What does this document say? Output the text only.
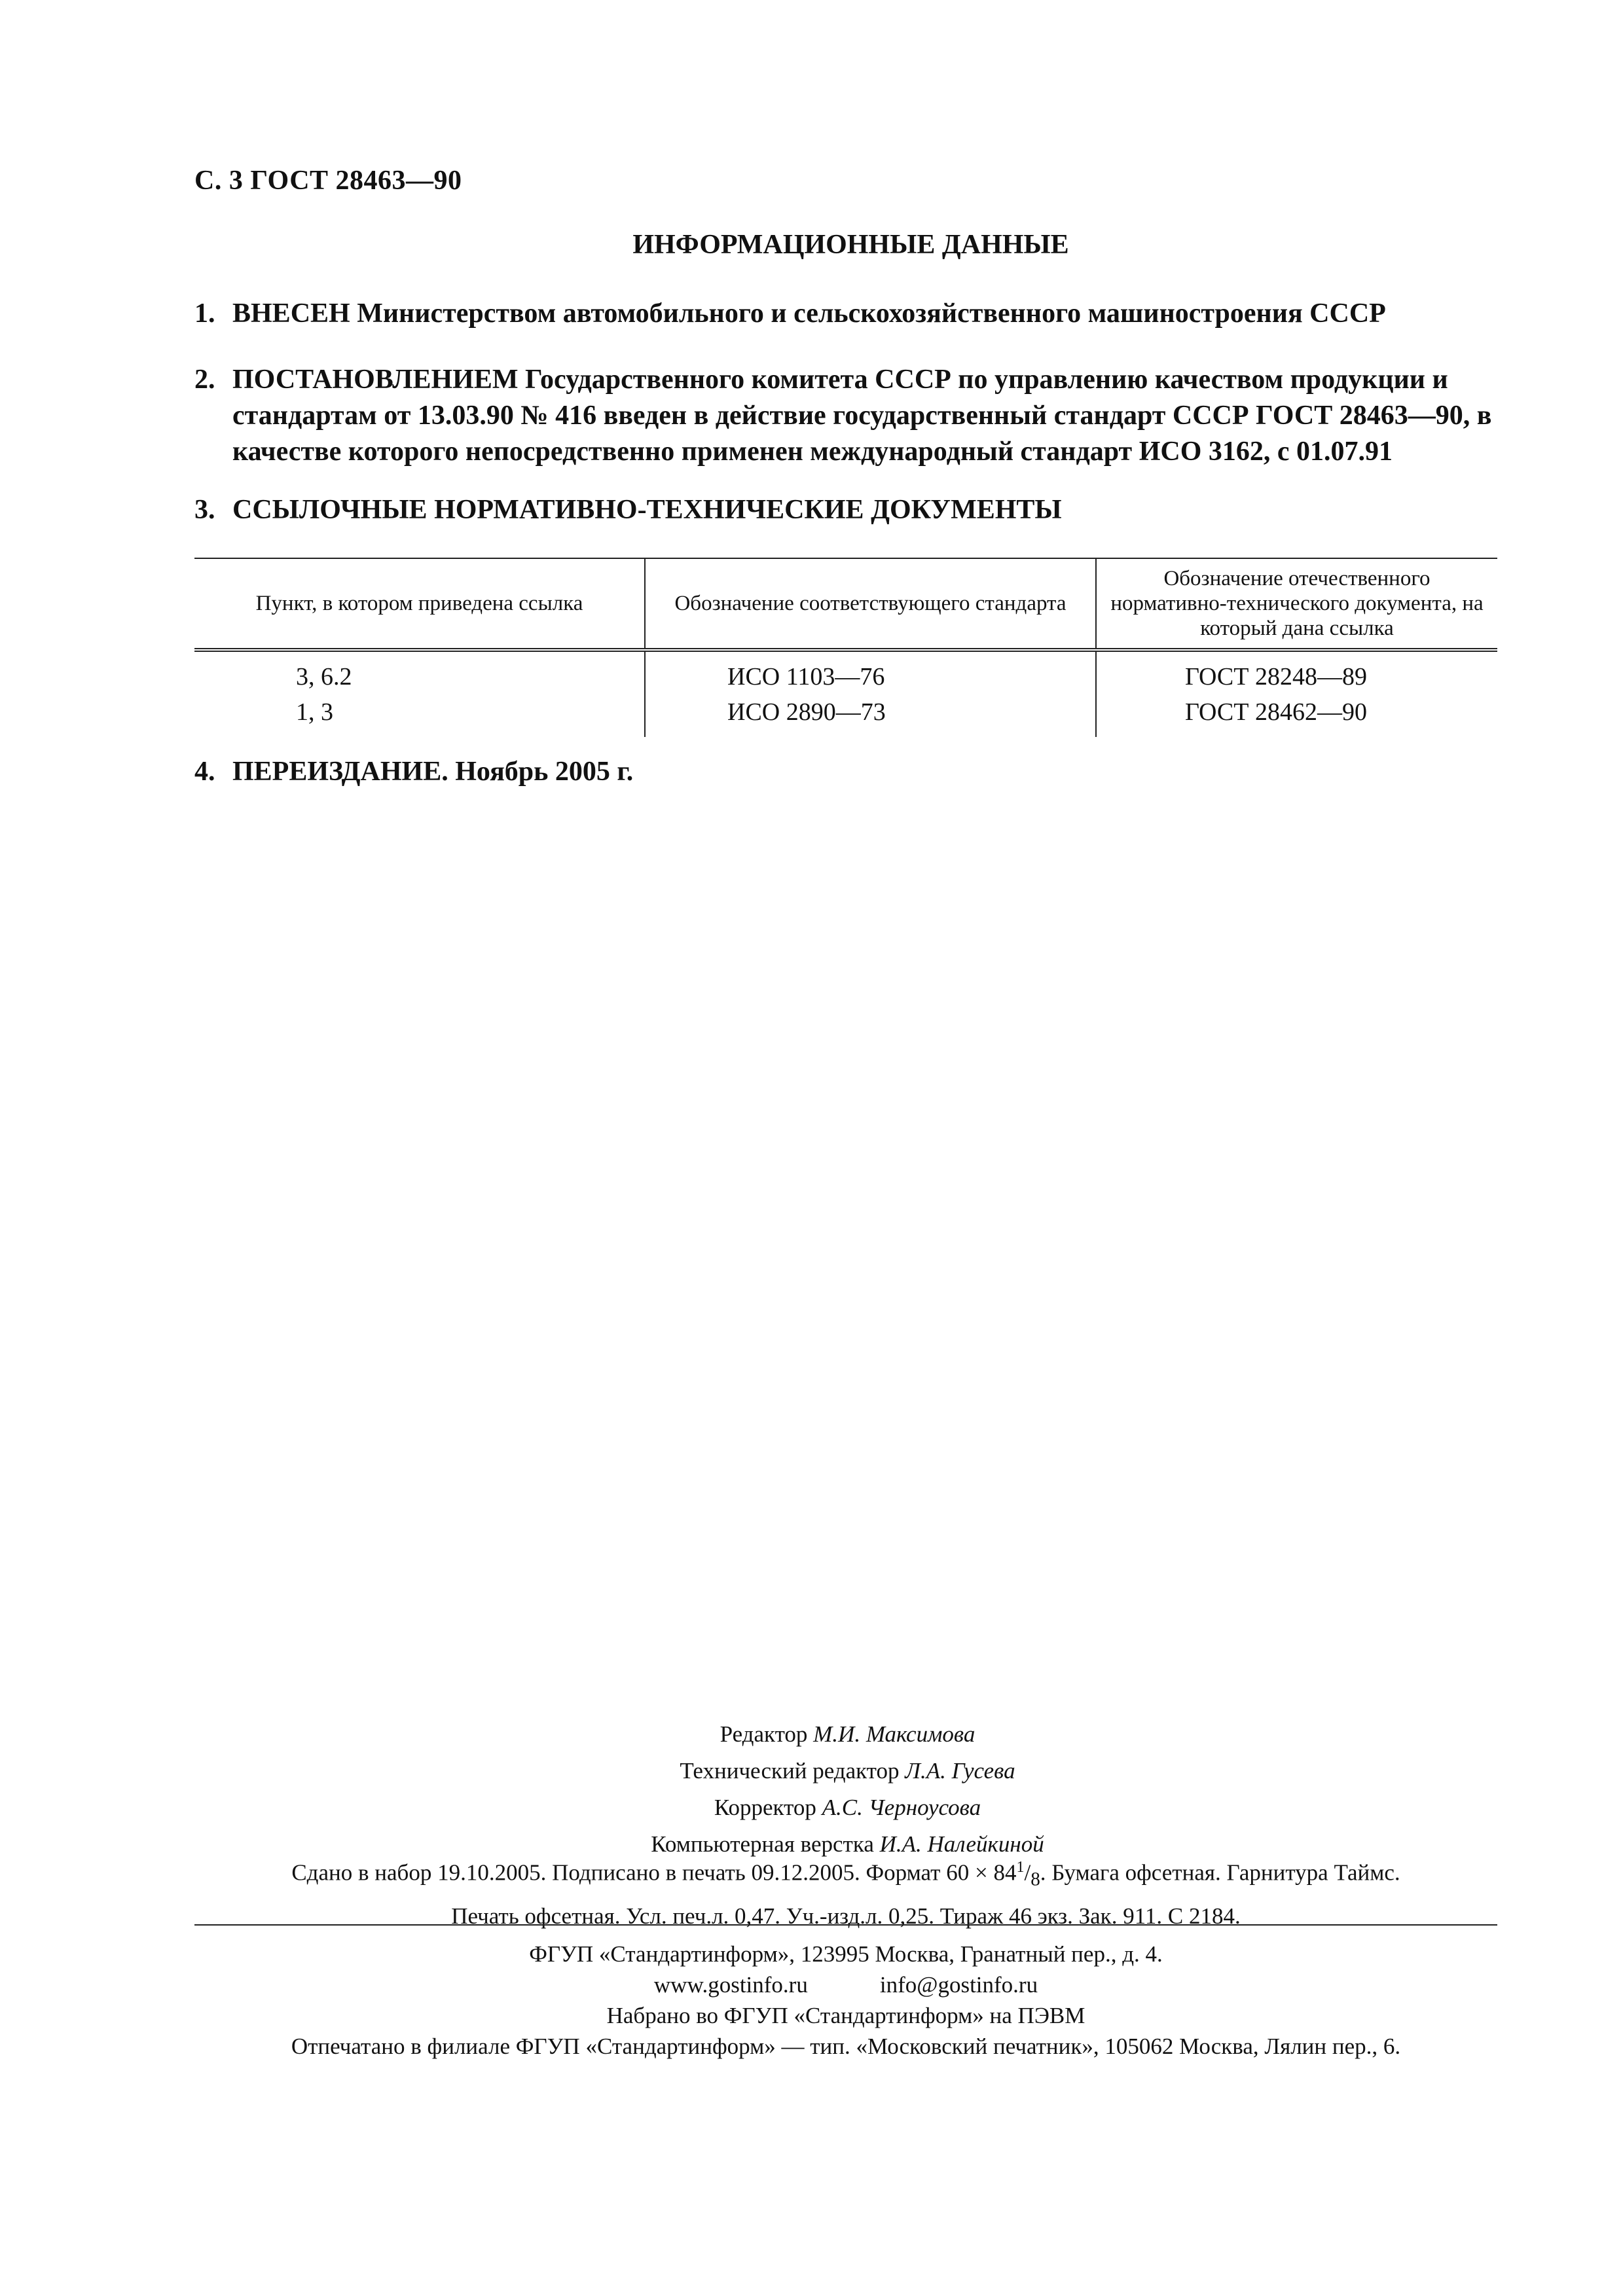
С. 3 ГОСТ 28463—90
ИНФОРМАЦИОННЫЕ ДАННЫЕ
1. ВНЕСЕН Министерством автомобильного и сельскохозяйственного машиностроения СССР
2. ПОСТАНОВЛЕНИЕМ Государственного комитета СССР по управлению качеством продукции и стандартам от 13.03.90 № 416 введен в действие государственный стандарт СССР ГОСТ 28463—90, в качестве которого непосредственно применен международный стандарт ИСО 3162, с 01.07.91
3. ССЫЛОЧНЫЕ НОРМАТИВНО-ТЕХНИЧЕСКИЕ ДОКУМЕНТЫ
Пункт, в котором приведена ссылка	Обозначение соответствующего стандарта	Обозначение отечественного нормативно-технического документа, на который дана ссылка
3, 6.2	ИСО 1103—76	ГОСТ 28248—89
1, 3	ИСО 2890—73	ГОСТ 28462—90
4. ПЕРЕИЗДАНИЕ. Ноябрь 2005 г.
Редактор М.И. Максимова
Технический редактор Л.А. Гусева
Корректор А.С. Черноусова
Компьютерная верстка И.А. Налейкиной
Сдано в набор 19.10.2005. Подписано в печать 09.12.2005. Формат $60 \times 84^1/_8$. Бумага офсетная. Гарнитура Таймс.
Печать офсетная. Усл. печ.л. 0,47. Уч.-изд.л. 0,25. Тираж 46 экз. Зак. 911. С 2184.
ФГУП «Стандартинформ», 123995 Москва, Гранатный пер., д. 4.
www.gostinfo.ru	info@gostinfo.ru
Набрано во ФГУП «Стандартинформ» на ПЭВМ
Отпечатано в филиале ФГУП «Стандартинформ» — тип. «Московский печатник», 105062 Москва, Лялин пер., 6.
